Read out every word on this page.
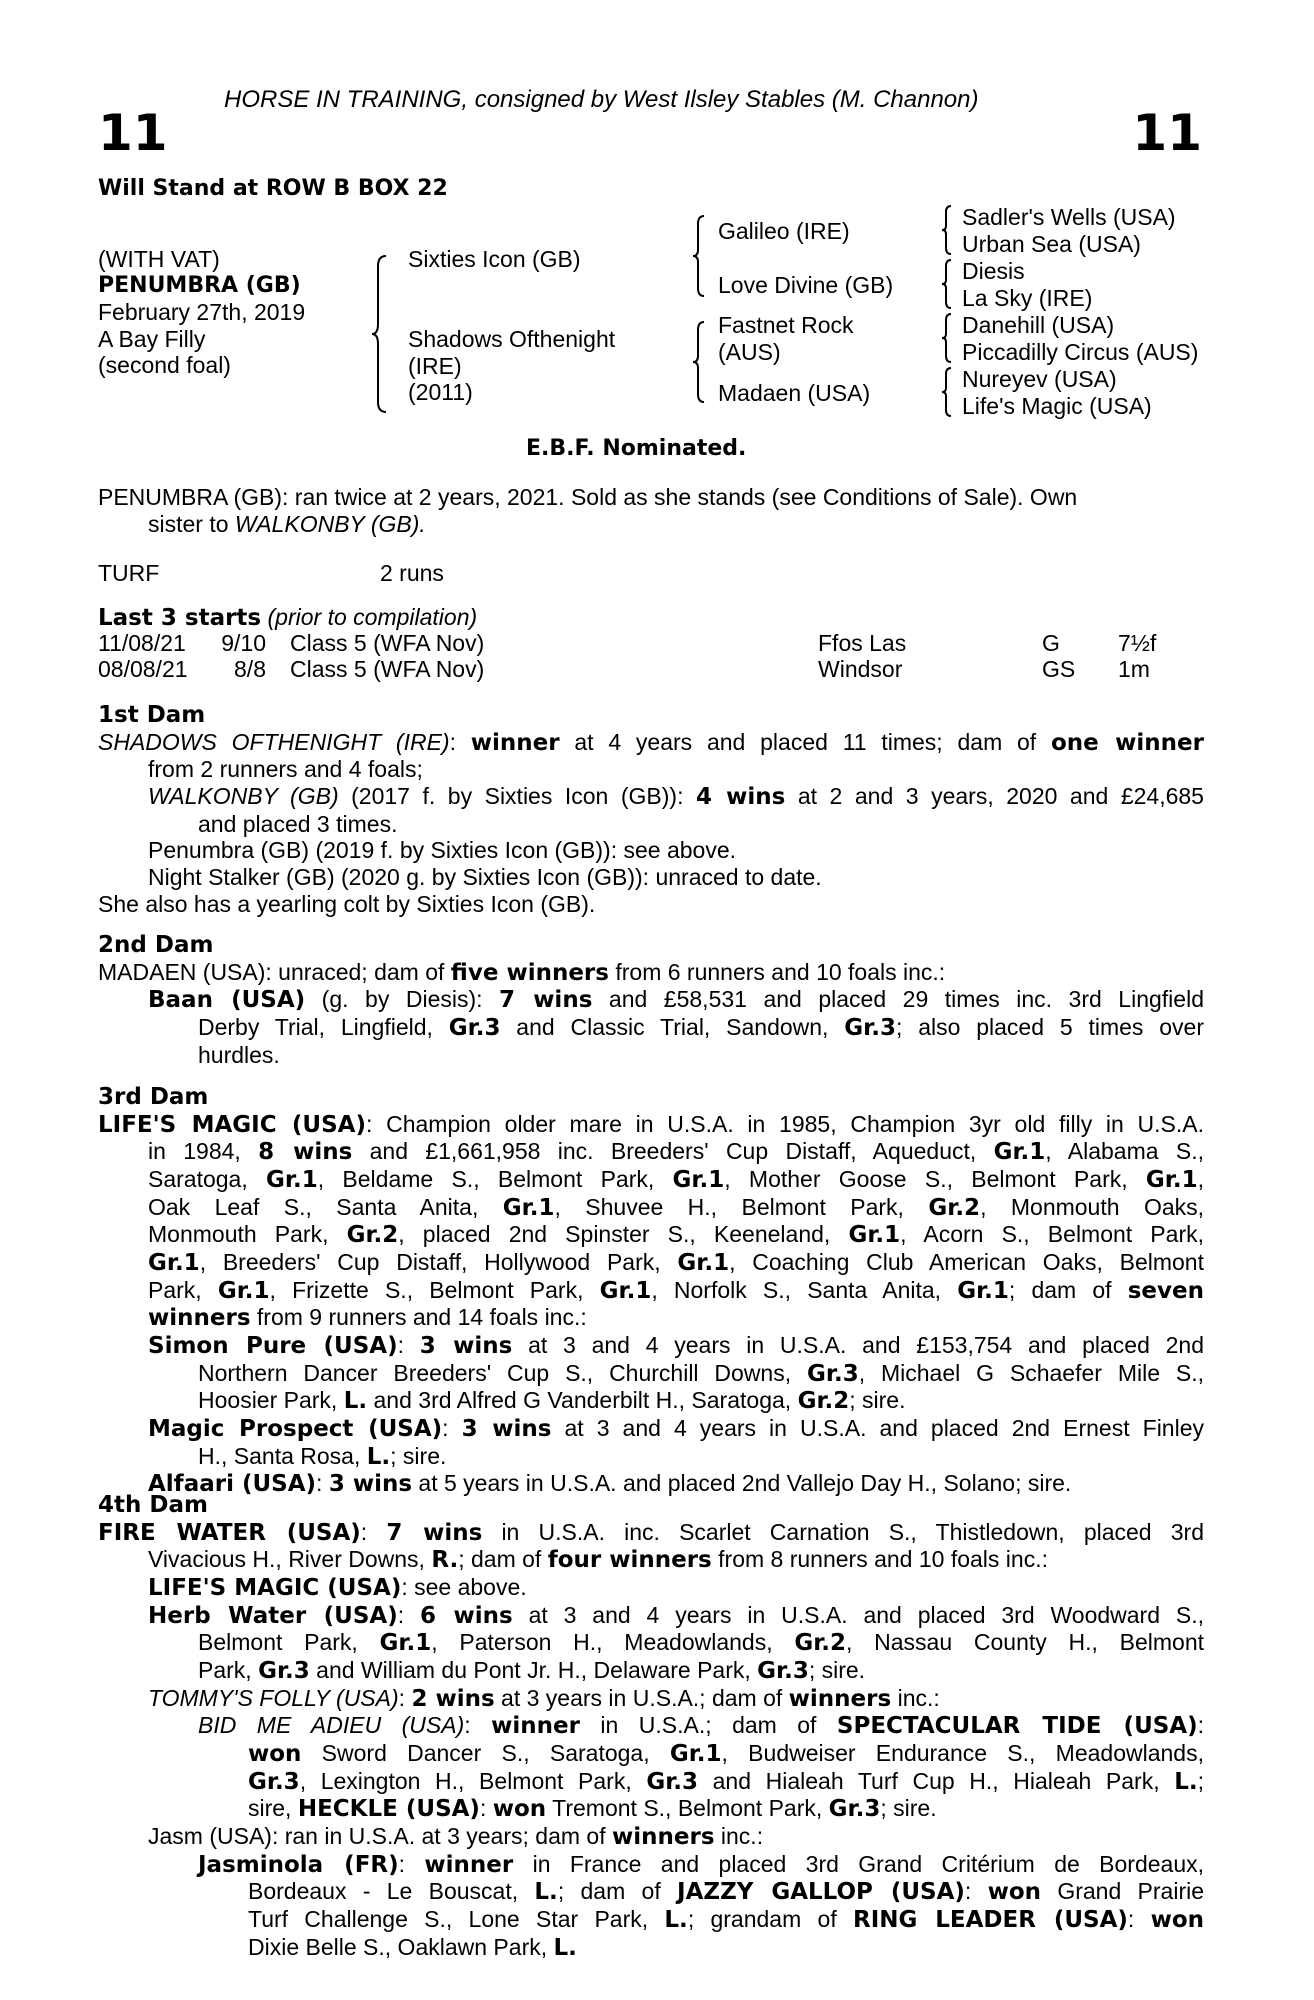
HORSE IN TRAINING, consigned by West Ilsley Stables (M. Channon)
11	11
Will Stand at ROW B BOX 22
(WITH VAT)
PENUMBRA (GB)
February 27th, 2019
A Bay Filly
(second foal)
Sixties Icon (GB)
Shadows Ofthenight
(IRE)
(2011)
Galileo (IRE)
Love Divine (GB)
Fastnet Rock
(AUS)
Madaen (USA)
Sadler's Wells (USA)
Urban Sea (USA)
Diesis
La Sky (IRE)
Danehill (USA)
Piccadilly Circus (AUS)
Nureyev (USA)
Life's Magic (USA)
E.B.F. Nominated.
PENUMBRA (GB): ran twice at 2 years, 2021. Sold as she stands (see Conditions of Sale). Own
sister to WALKONBY (GB).
TURF	2 runs
Last 3 starts (prior to compilation)
11/08/21	9/10 Class 5 (WFA Nov)	Ffos Las	G	7½f
08/08/21	8/8 Class 5 (WFA Nov)	Windsor	GS 1m
1st Dam
SHADOWS OFTHENIGHT (IRE): winner at 4 years and placed 11 times; dam of one winner
from 2 runners and 4 foals;
WALKONBY (GB) (2017 f. by Sixties Icon (GB)): 4 wins at 2 and 3 years, 2020 and £24,685
and placed 3 times.
Penumbra (GB) (2019 f. by Sixties Icon (GB)): see above.
Night Stalker (GB) (2020 g. by Sixties Icon (GB)): unraced to date.
She also has a yearling colt by Sixties Icon (GB).
2nd Dam
MADAEN (USA): unraced; dam of five winners from 6 runners and 10 foals inc.:
Baan (USA) (g. by Diesis): 7 wins and £58,531 and placed 29 times inc. 3rd Lingfield
Derby Trial, Lingfield, Gr.3 and Classic Trial, Sandown, Gr.3; also placed 5 times over
hurdles.
3rd Dam
LIFE'S MAGIC (USA): Champion older mare in U.S.A. in 1985, Champion 3yr old filly in U.S.A.
in 1984, 8 wins and £1,661,958 inc. Breeders' Cup Distaff, Aqueduct, Gr.1, Alabama S.,
Saratoga, Gr.1, Beldame S., Belmont Park, Gr.1, Mother Goose S., Belmont Park, Gr.1,
Oak Leaf S., Santa Anita, Gr.1, Shuvee H., Belmont Park, Gr.2, Monmouth Oaks,
Monmouth Park, Gr.2, placed 2nd Spinster S., Keeneland, Gr.1, Acorn S., Belmont Park,
Gr.1, Breeders' Cup Distaff, Hollywood Park, Gr.1, Coaching Club American Oaks, Belmont
Park, Gr.1, Frizette S., Belmont Park, Gr.1, Norfolk S., Santa Anita, Gr.1; dam of seven
winners from 9 runners and 14 foals inc.:
Simon Pure (USA): 3 wins at 3 and 4 years in U.S.A. and £153,754 and placed 2nd
Northern Dancer Breeders' Cup S., Churchill Downs, Gr.3, Michael G Schaefer Mile S.,
Hoosier Park, L. and 3rd Alfred G Vanderbilt H., Saratoga, Gr.2; sire.
Magic Prospect (USA): 3 wins at 3 and 4 years in U.S.A. and placed 2nd Ernest Finley
H., Santa Rosa, L.; sire.
Alfaari (USA): 3 wins at 5 years in U.S.A. and placed 2nd Vallejo Day H., Solano; sire.
4th Dam
FIRE WATER (USA): 7 wins in U.S.A. inc. Scarlet Carnation S., Thistledown, placed 3rd
Vivacious H., River Downs, R.; dam of four winners from 8 runners and 10 foals inc.:
LIFE'S MAGIC (USA): see above.
Herb Water (USA): 6 wins at 3 and 4 years in U.S.A. and placed 3rd Woodward S.,
Belmont Park, Gr.1, Paterson H., Meadowlands, Gr.2, Nassau County H., Belmont
Park, Gr.3 and William du Pont Jr. H., Delaware Park, Gr.3; sire.
TOMMY'S FOLLY (USA): 2 wins at 3 years in U.S.A.; dam of winners inc.:
BID ME ADIEU (USA): winner in U.S.A.; dam of SPECTACULAR TIDE (USA):
won Sword Dancer S., Saratoga, Gr.1, Budweiser Endurance S., Meadowlands,
Gr.3, Lexington H., Belmont Park, Gr.3 and Hialeah Turf Cup H., Hialeah Park, L.;
sire, HECKLE (USA): won Tremont S., Belmont Park, Gr.3; sire.
Jasm (USA): ran in U.S.A. at 3 years; dam of winners inc.:
Jasminola (FR): winner in France and placed 3rd Grand Critérium de Bordeaux,
Bordeaux - Le Bouscat, L.; dam of JAZZY GALLOP (USA): won Grand Prairie
Turf Challenge S., Lone Star Park, L.; grandam of RING LEADER (USA): won
Dixie Belle S., Oaklawn Park, L.
